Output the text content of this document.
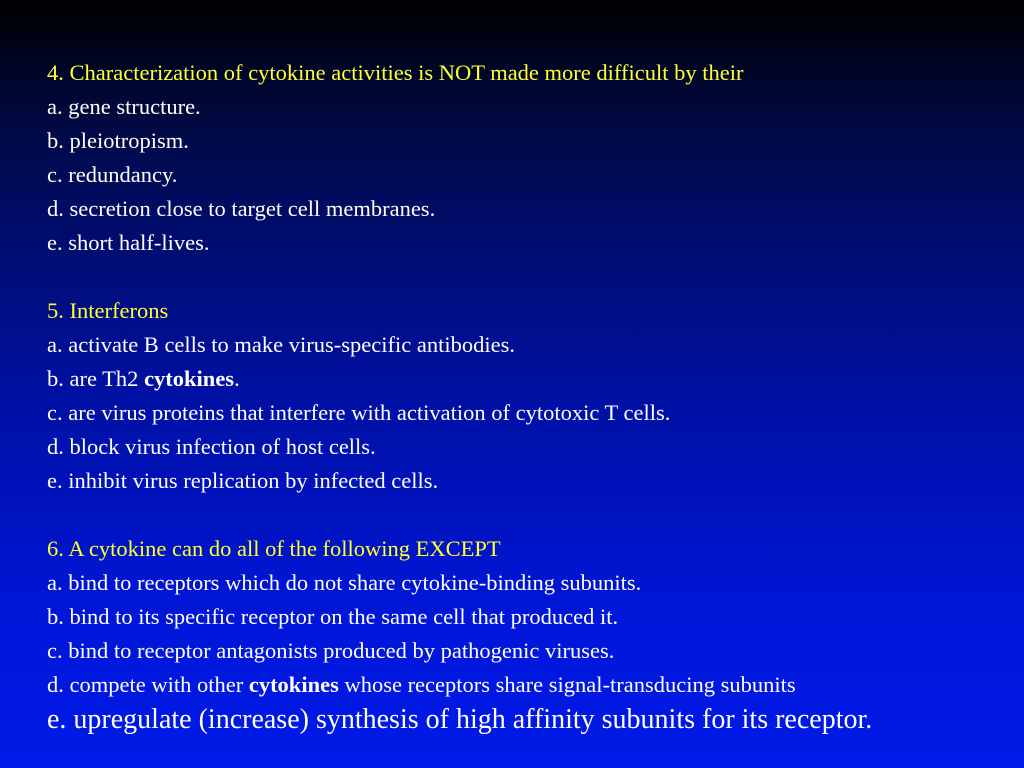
4. Characterization of cytokine activities is NOT made more difficult by their
a. gene structure.
b. pleiotropism.
c. redundancy.
d. secretion close to target cell membranes.
e. short half-lives.
5. Interferons
a. activate B cells to make virus-specific antibodies.
b. are Th2 cytokines.
c. are virus proteins that interfere with activation of cytotoxic T cells.
d. block virus infection of host cells.
e. inhibit virus replication by infected cells.
6. A cytokine can do all of the following EXCEPT
a. bind to receptors which do not share cytokine-binding subunits.
b. bind to its specific receptor on the same cell that produced it.
c. bind to receptor antagonists produced by pathogenic viruses.
d. compete with other cytokines whose receptors share signal-transducing subunits
e. upregulate (increase) synthesis of high affinity subunits for its receptor.
